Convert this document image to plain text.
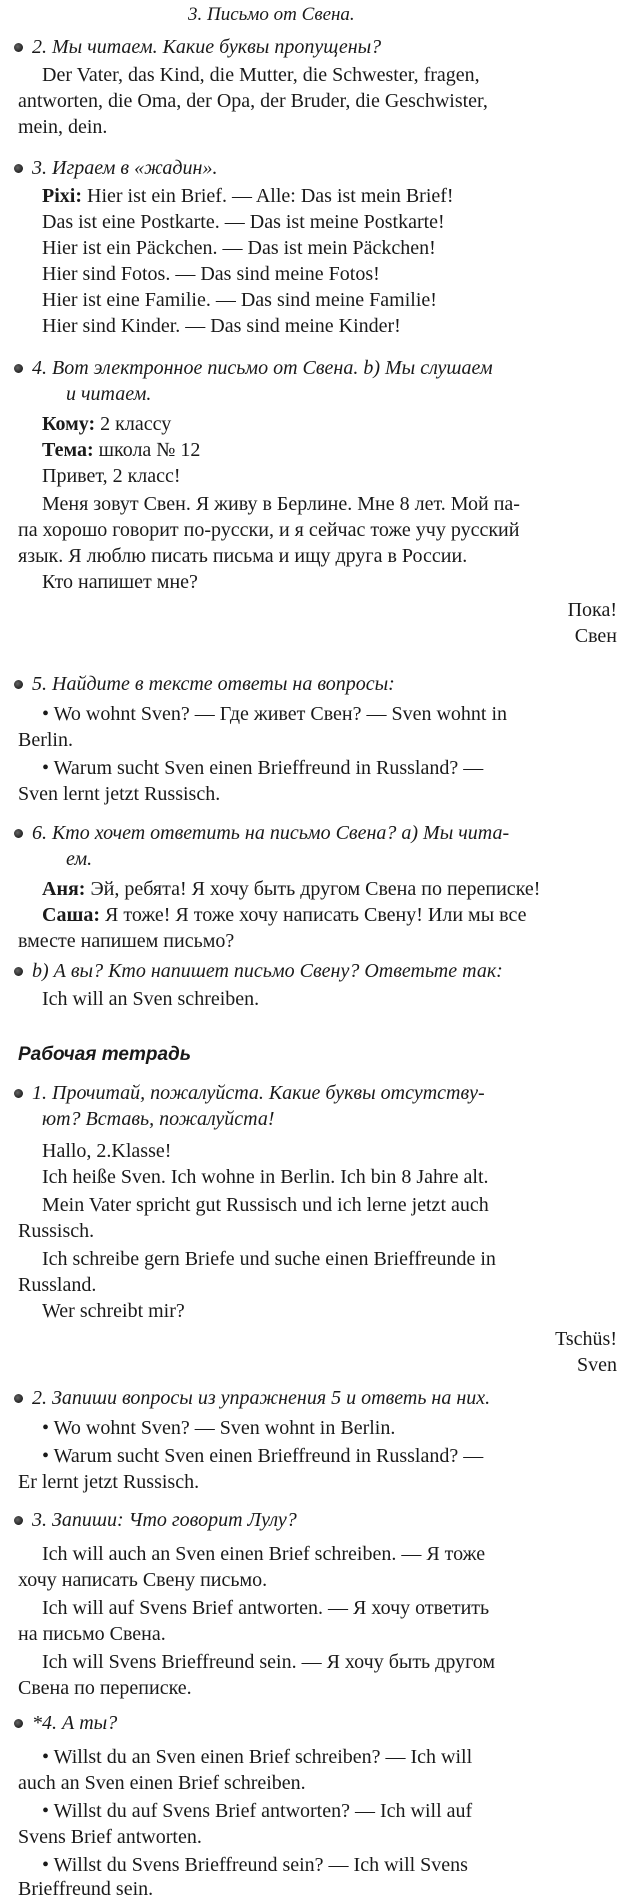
3. Письмо от Свена.
2. Мы читаем. Какие буквы пропущены?
Der Vater, das Kind, die Mutter, die Schwester, fragen,
antworten, die Oma, der Opa, der Bruder, die Geschwister,
mein, dein.
3. Играем в «жадин».
Pixi: Hier ist ein Brief. — Alle: Das ist mein Brief!
Das ist eine Postkarte. — Das ist meine Postkarte!
Hier ist ein Päckchen. — Das ist mein Päckchen!
Hier sind Fotos. — Das sind meine Fotos!
Hier ist eine Familie. — Das sind meine Familie!
Hier sind Kinder. — Das sind meine Kinder!
4. Вот электронное письмо от Свена. b) Мы слушаем
и читаем.
Кому: 2 классу
Тема: школа № 12
Привет, 2 класс!
Меня зовут Свен. Я живу в Берлине. Мне 8 лет. Мой па-
па хорошо говорит по-русски, и я сейчас тоже учу русский
язык. Я люблю писать письма и ищу друга в России.
Кто напишет мне?
Пока!
Свен
5. Найдите в тексте ответы на вопросы:
• Wo wohnt Sven? — Где живет Свен? — Sven wohnt in
Berlin.
• Warum sucht Sven einen Brieffreund in Russland? —
Sven lernt jetzt Russisch.
6. Кто хочет ответить на письмо Свена? а) Мы чита-
ем.
Аня: Эй, ребята! Я хочу быть другом Свена по переписке!
Саша: Я тоже! Я тоже хочу написать Свену! Или мы все
вместе напишем письмо?
b) А вы? Кто напишет письмо Свену? Ответьте так:
Ich will an Sven schreiben.
Рабочая тетрадь
1. Прочитай, пожалуйста. Какие буквы отсутству-
ют? Вставь, пожалуйста!
Hallo, 2.Klasse!
Ich heiße Sven. Ich wohne in Berlin. Ich bin 8 Jahre alt.
Mein Vater spricht gut Russisch und ich lerne jetzt auch
Russisch.
Ich schreibe gern Briefe und suche einen Brieffreunde in
Russland.
Wer schreibt mir?
Tschüs!
Sven
2. Запиши вопросы из упражнения 5 и ответь на них.
• Wo wohnt Sven? — Sven wohnt in Berlin.
• Warum sucht Sven einen Brieffreund in Russland? —
Er lernt jetzt Russisch.
3. Запиши: Что говорит Лулу?
Ich will auch an Sven einen Brief schreiben. — Я тоже
хочу написать Свену письмо.
Ich will auf Svens Brief antworten. — Я хочу ответить
на письмо Свена.
Ich will Svens Brieffreund sein. — Я хочу быть другом
Свена по переписке.
*4. А ты?
• Willst du an Sven einen Brief schreiben? — Ich will
auch an Sven einen Brief schreiben.
• Willst du auf Svens Brief antworten? — Ich will auf
Svens Brief antworten.
• Willst du Svens Brieffreund sein? — Ich will Svens
Brieffreund sein.
